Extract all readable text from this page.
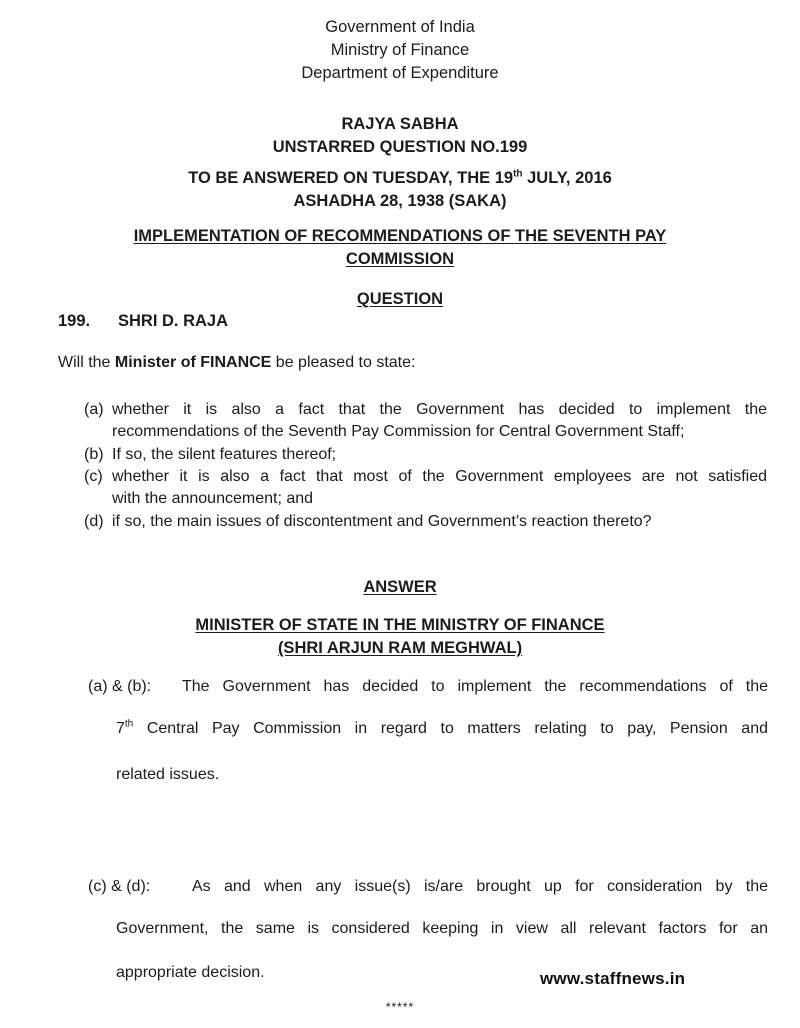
Government of India
Ministry of Finance
Department of Expenditure
RAJYA SABHA
UNSTARRED QUESTION NO.199
TO BE ANSWERED ON TUESDAY, THE 19th JULY, 2016
ASHADHA 28, 1938 (SAKA)
IMPLEMENTATION OF RECOMMENDATIONS OF THE SEVENTH PAY
COMMISSION
QUESTION
199. SHRI D. RAJA
Will the Minister of FINANCE be pleased to state:
(a) whether it is also a fact that the Government has decided to implement the
recommendations of the Seventh Pay Commission for Central Government Staff;
(b) If so, the silent features thereof;
(c) whether it is also a fact that most of the Government employees are not satisfied
with the announcement; and
(d) if so, the main issues of discontentment and Government’s reaction thereto?
ANSWER
MINISTER OF STATE IN THE MINISTRY OF FINANCE
(SHRI ARJUN RAM MEGHWAL)
(a) & (b): The Government has decided to implement the recommendations of the
7th Central Pay Commission in regard to matters relating to pay, Pension and
related issues.
(c) & (d):	As and when any issue(s) is/are brought up for consideration by the
Government, the same is considered keeping in view all relevant factors for an
appropriate decision.	www.staffnews.in
*****
